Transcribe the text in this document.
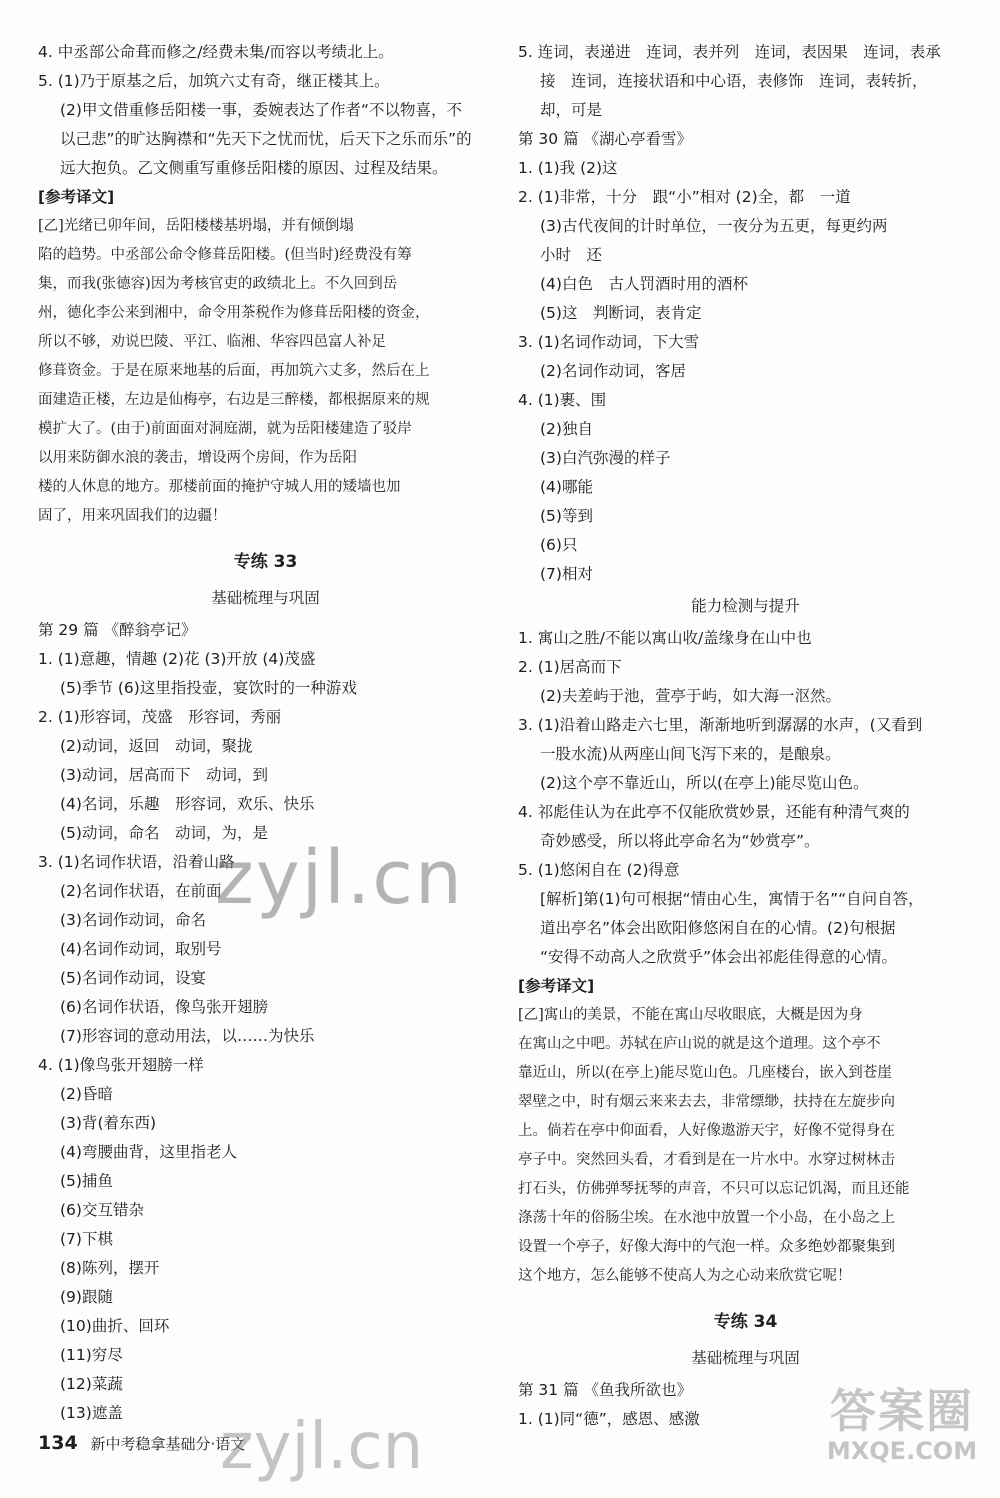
4. 中丞部公命葺而修之/经费未集/而容以考绩北上。
5. (1)乃于原基之后，加筑六丈有奇，继正楼其上。
(2)甲文借重修岳阳楼一事，委婉表达了作者“不以物喜，不
以己悲”的旷达胸襟和“先天下之忧而忧，后天下之乐而乐”的
远大抱负。乙文侧重写重修岳阳楼的原因、过程及结果。
[参考译文]
[乙]光绪已卯年间，岳阳楼楼基坍塌，并有倾倒塌
陷的趋势。中丞部公命令修葺岳阳楼。(但当时)经费没有筹
集，而我(张德容)因为考核官吏的政绩北上。不久回到岳
州，德化李公来到湘中，命令用茶税作为修葺岳阳楼的资金，
所以不够，劝说巴陵、平江、临湘、华容四邑富人补足
修葺资金。于是在原来地基的后面，再加筑六丈多，然后在上
面建造正楼，左边是仙梅亭，右边是三醉楼，都根据原来的规
模扩大了。(由于)前面面对洞庭湖，就为岳阳楼建造了驳岸
以用来防御水浪的袭击，增设两个房间，作为岳阳
楼的人休息的地方。那楼前面的掩护守城人用的矮墙也加
固了，用来巩固我们的边疆！
专练 33
基础梳理与巩固
第 29 篇 《醉翁亭记》
1. (1)意趣，情趣 (2)花 (3)开放 (4)茂盛
(5)季节 (6)这里指投壶，宴饮时的一种游戏
2. (1)形容词，茂盛　形容词，秀丽
(2)动词，返回　动词，聚拢
(3)动词，居高而下　动词，到
(4)名词，乐趣　形容词，欢乐、快乐
(5)动词，命名　动词，为，是
3. (1)名词作状语，沿着山路
(2)名词作状语，在前面
(3)名词作动词，命名
(4)名词作动词，取别号
(5)名词作动词，设宴
(6)名词作状语，像鸟张开翅膀
(7)形容词的意动用法，以……为快乐
4. (1)像鸟张开翅膀一样
(2)昏暗
(3)背(着东西)
(4)弯腰曲背，这里指老人
(5)捕鱼
(6)交互错杂
(7)下棋
(8)陈列，摆开
(9)跟随
(10)曲折、回环
(11)穷尽
(12)菜蔬
(13)遮盖
5. 连词，表递进　连词，表并列　连词，表因果　连词，表承
接　连词，连接状语和中心语，表修饰　连词，表转折，
却，可是
第 30 篇 《湖心亭看雪》
1. (1)我 (2)这
2. (1)非常，十分　跟“小”相对 (2)全，都　一道
(3)古代夜间的计时单位，一夜分为五更，每更约两
小时　还
(4)白色　古人罚酒时用的酒杯
(5)这　判断词，表肯定
3. (1)名词作动词，下大雪
(2)名词作动词，客居
4. (1)裹、围
(2)独自
(3)白汽弥漫的样子
(4)哪能
(5)等到
(6)只
(7)相对
能力检测与提升
1. 寓山之胜/不能以寓山收/盖缘身在山中也
2. (1)居高而下
(2)夫差屿于池，萱亭于屿，如大海一沤然。
3. (1)沿着山路走六七里，渐渐地听到潺潺的水声，(又看到
一股水流)从两座山间飞泻下来的，是酿泉。
(2)这个亭不靠近山，所以(在亭上)能尽览山色。
4. 祁彪佳认为在此亭不仅能欣赏妙景，还能有种清气爽的
奇妙感受，所以将此亭命名为“妙赏亭”。
5. (1)悠闲自在 (2)得意
[解析]第(1)句可根据“情由心生，寓情于名”“自问自答，
道出亭名”体会出欧阳修悠闲自在的心情。(2)句根据
“安得不动高人之欣赏乎”体会出祁彪佳得意的心情。
[参考译文]
[乙]寓山的美景，不能在寓山尽收眼底，大概是因为身
在寓山之中吧。苏轼在庐山说的就是这个道理。这个亭不
靠近山，所以(在亭上)能尽览山色。几座楼台，嵌入到苍崖
翠壁之中，时有烟云来来去去，非常缥缈，扶持在左旋步向
上。倘若在亭中仰面看，人好像遨游天宇，好像不觉得身在
亭子中。突然回头看，才看到是在一片水中。水穿过树林击
打石头，仿佛弹琴抚琴的声音，不只可以忘记饥渴，而且还能
涤荡十年的俗肠尘埃。在水池中放置一个小岛，在小岛之上
设置一个亭子，好像大海中的气泡一样。众多绝妙都聚集到
这个地方，怎么能够不使高人为之心动来欣赏它呢！
专练 34
基础梳理与巩固
第 31 篇 《鱼我所欲也》
1. (1)同“德”，感恩、感激
134 新中考稳拿基础分·语文
zyjl.cn
zyjl.cn	答案圈
MXQE.COM
